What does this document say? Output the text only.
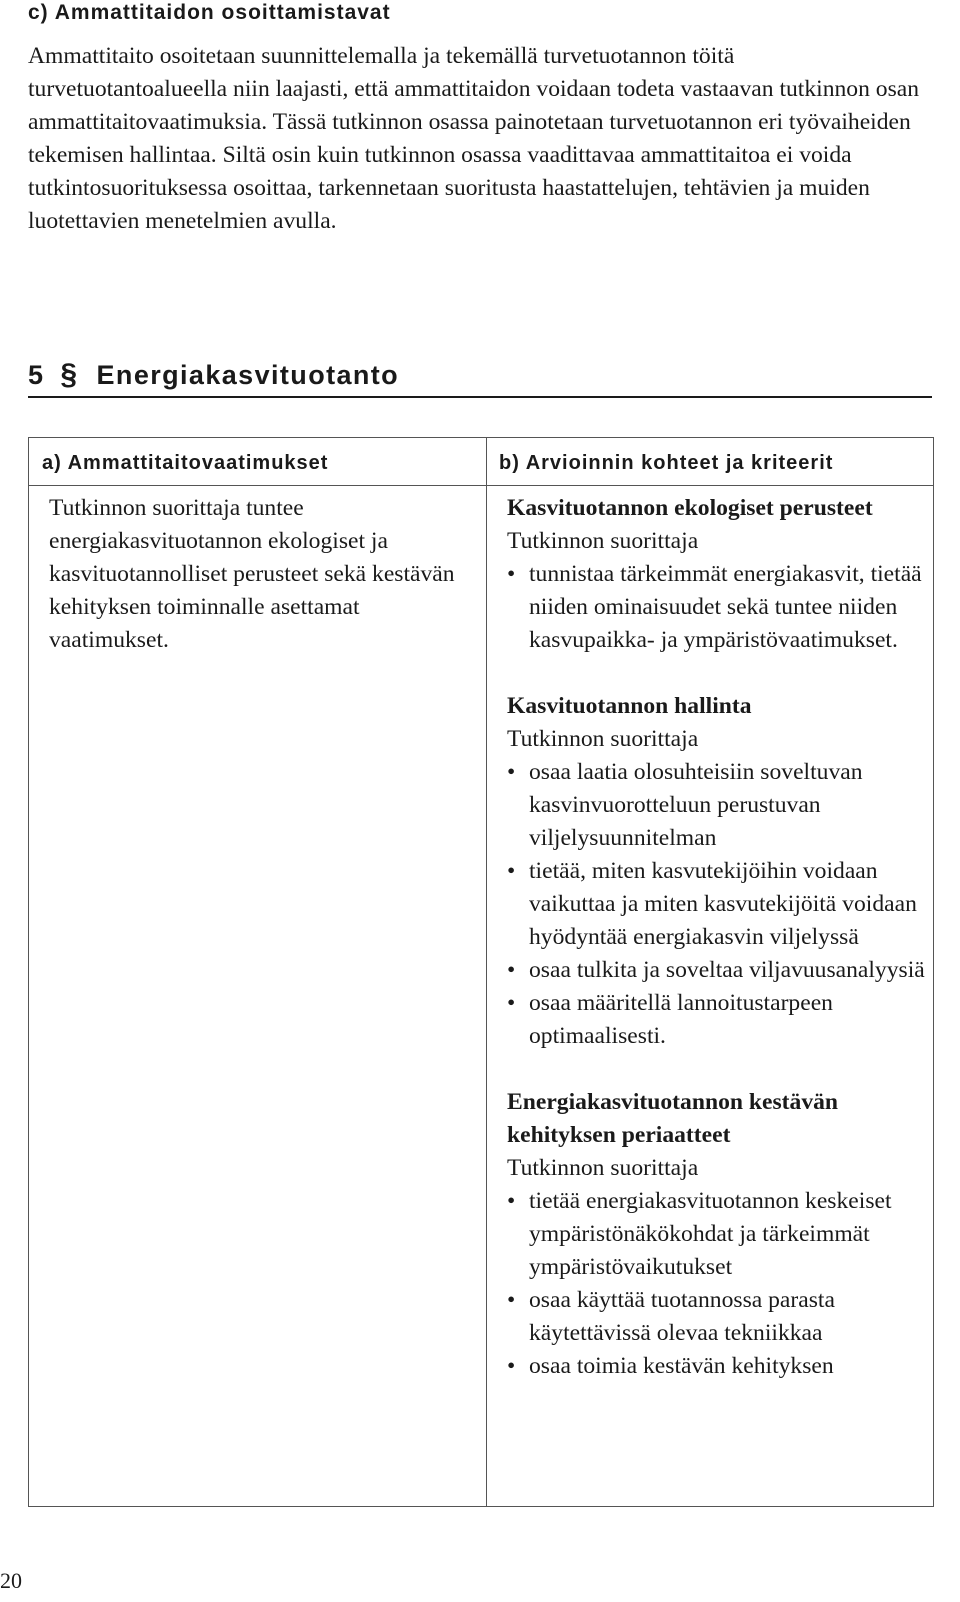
c) Ammattitaidon osoittamistavat

Ammattitaito osoitetaan suunnittelemalla ja tekemällä turvetuotannon töitä turvetuotantoalueella niin laajasti, että ammattitaidon voidaan todeta vastaavan tutkinnon osan ammattitaitovaatimuksia. Tässä tutkinnon osassa painotetaan turvetuotannon eri työvaiheiden tekemisen hallintaa. Siltä osin kuin tutkinnon osassa vaadittavaa ammattitaitoa ei voida tutkintosuorituksessa osoittaa, tarkennetaan suoritusta haastattelujen, tehtävien ja muiden luotettavien menetelmien avulla.

5 § Energiakasvituotanto
a) Ammattitaitovaatimukset	b) Arvioinnin kohteet ja kriteerit

Tutkinnon suorittaja tuntee energiakasvituotannon ekologiset ja kasvituotannolliset perusteet sekä kestävän kehityksen toiminnalle asettamat vaatimukset.

Kasvituotannon ekologiset perusteet

Tutkinnon suorittaja

• tunnistaa tärkeimmät energiakasvit, tietää niiden ominaisuudet sekä tuntee niiden kasvupaikka- ja ympäristövaatimukset.
Kasvituotannon hallinta

Tutkinnon suorittaja

• osaa laatia olosuhteisiin soveltuvan kasvinvuorotteluun perustuvan viljelysuunnitelman
• tietää, miten kasvutekijöihin voidaan vaikuttaa ja miten kasvutekijöitä voidaan hyödyntää energiakasvin viljelyssä
• osaa tulkita ja soveltaa viljavuusanalyysiä
• osaa määritellä lannoitustarpeen optimaalisesti.
Energiakasvituotannon kestävän kehityksen periaatteet

Tutkinnon suorittaja

• tietää energiakasvituotannon keskeiset ympäristönäkökohdat ja tärkeimmät ympäristövaikutukset
• osaa käyttää tuotannossa parasta käytettävissä olevaa tekniikkaa
• osaa toimia kestävän kehityksen
20
